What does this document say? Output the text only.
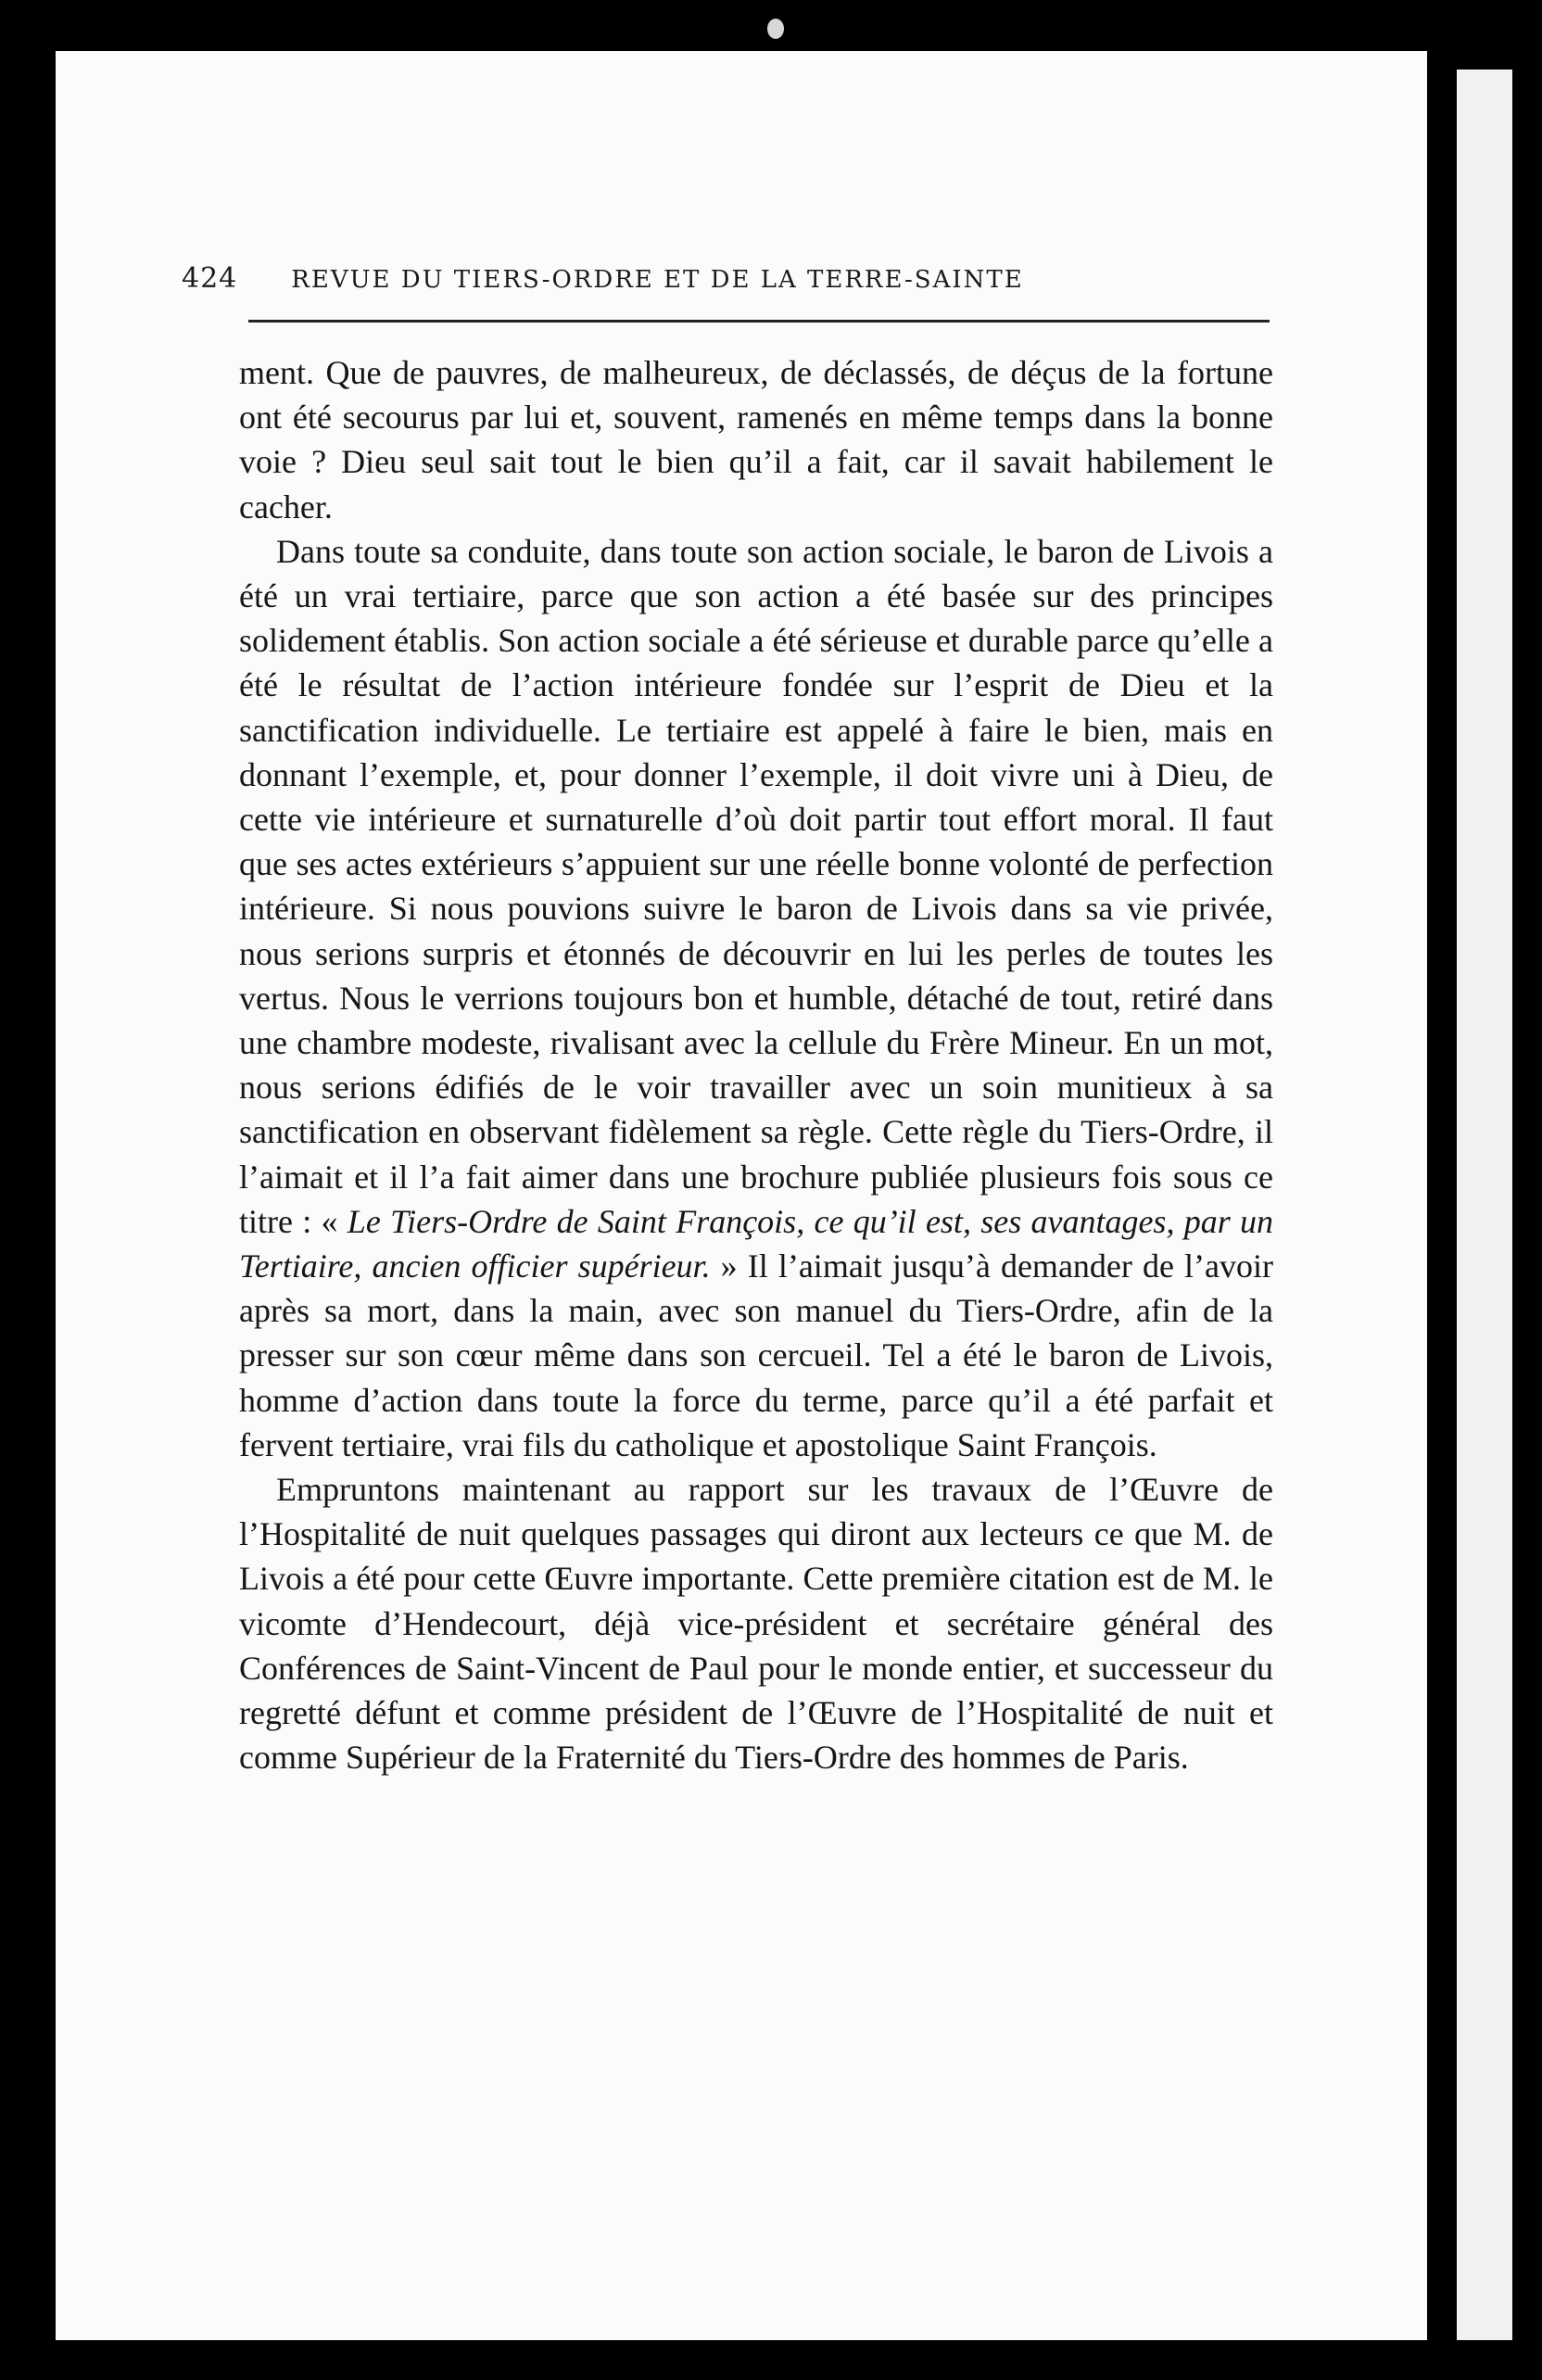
424 REVUE DU TIERS-ORDRE ET DE LA TERRE-SAINTE

ment. Que de pauvres, de malheureux, de déclassés, de déçus de la fortune ont été secourus par lui et, souvent, ramenés en même temps dans la bonne voie ? Dieu seul sait tout le bien qu’il a fait, car il savait habilement le cacher.

Dans toute sa conduite, dans toute son action sociale, le baron de Livois a été un vrai tertiaire, parce que son action a été basée sur des principes solidement établis. Son action sociale a été sérieuse et durable parce qu’elle a été le résultat de l’action intérieure fondée sur l’esprit de Dieu et la sanctification individuelle. Le tertiaire est appelé à faire le bien, mais en donnant l’exemple, et, pour donner l’exemple, il doit vivre uni à Dieu, de cette vie intérieure et surnaturelle d’où doit partir tout effort moral. Il faut que ses actes extérieurs s’appuient sur une réelle bonne volonté de perfection intérieure. Si nous pouvions suivre le baron de Livois dans sa vie privée, nous serions surpris et étonnés de découvrir en lui les perles de toutes les vertus. Nous le verrions toujours bon et humble, détaché de tout, retiré dans une chambre modeste, rivalisant avec la cellule du Frère Mineur. En un mot, nous serions édifiés de le voir travailler avec un soin munitieux à sa sanctification en observant fidèlement sa règle. Cette règle du Tiers-Ordre, il l’aimait et il l’a fait aimer dans une brochure publiée plusieurs fois sous ce titre : « Le Tiers-Ordre de Saint François, ce qu’il est, ses avantages, par un Tertiaire, ancien officier supérieur. » Il l’aimait jusqu’à demander de l’avoir après sa mort, dans la main, avec son manuel du Tiers-Ordre, afin de la presser sur son cœur même dans son cercueil. Tel a été le baron de Livois, homme d’action dans toute la force du terme, parce qu’il a été parfait et fervent tertiaire, vrai fils du catholique et apostolique Saint François.

Empruntons maintenant au rapport sur les travaux de l’Œuvre de l’Hospitalité de nuit quelques passages qui diront aux lecteurs ce que M. de Livois a été pour cette Œuvre importante. Cette première citation est de M. le vicomte d’Hendecourt, déjà vice-président et secrétaire général des Conférences de Saint-Vincent de Paul pour le monde entier, et successeur du regretté défunt et comme président de l’Œuvre de l’Hospitalité de nuit et comme Supérieur de la Fraternité du Tiers-Ordre des hommes de Paris.
